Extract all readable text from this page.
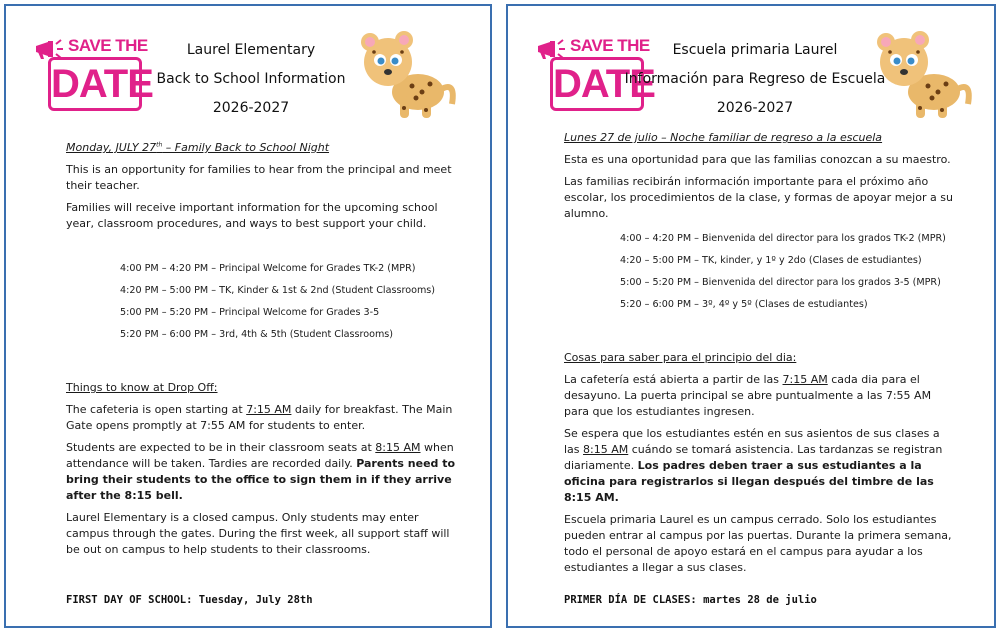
SAVE THE
DATE
Laurel Elementary
Back to School Information
2026-2027
Monday, JULY 27th – Family Back to School Night

This is an opportunity for families to hear from the principal and meet their teacher.

Families will receive important information for the upcoming school year, classroom procedures, and ways to best support your child.

4:00 PM – 4:20 PM – Principal Welcome for Grades TK-2 (MPR)
4:20 PM – 5:00 PM – TK, Kinder & 1st & 2nd (Student Classrooms)
5:00 PM – 5:20 PM – Principal Welcome for Grades 3-5
5:20 PM – 6:00 PM – 3rd, 4th & 5th (Student Classrooms)
Things to know at Drop Off:

The cafeteria is open starting at 7:15 AM daily for breakfast. The Main Gate opens promptly at 7:55 AM for students to enter.

Students are expected to be in their classroom seats at 8:15 AM when attendance will be taken. Tardies are recorded daily. Parents need to bring their students to the office to sign them in if they arrive after the 8:15 bell.

Laurel Elementary is a closed campus. Only students may enter campus through the gates. During the first week, all support staff will be out on campus to help students to their classrooms.

FIRST DAY OF SCHOOL: Tuesday, July 28th
SAVE THE
DATE
Escuela primaria Laurel
Información para Regreso de Escuela
2026-2027
Lunes 27 de julio – Noche familiar de regreso a la escuela

Esta es una oportunidad para que las familias conozcan a su maestro.

Las familias recibirán información importante para el próximo año escolar, los procedimientos de la clase, y formas de apoyar mejor a su alumno.

4:00 – 4:20 PM – Bienvenida del director para los grados TK-2 (MPR)
4:20 – 5:00 PM – TK, kinder, y 1º y 2do (Clases de estudiantes)
5:00 – 5:20 PM – Bienvenida del director para los grados 3-5 (MPR)
5:20 – 6:00 PM – 3º, 4º y 5º (Clases de estudiantes)
Cosas para saber para el principio del dia:

La cafetería está abierta a partir de las 7:15 AM cada dia para el desayuno. La puerta principal se abre puntualmente a las 7:55 AM para que los estudiantes ingresen.

Se espera que los estudiantes estén en sus asientos de sus clases a las 8:15 AM cuándo se tomará asistencia. Las tardanzas se registran diariamente. Los padres deben traer a sus estudiantes a la oficina para registrarlos si llegan después del timbre de las 8:15 AM.

Escuela primaria Laurel es un campus cerrado. Solo los estudiantes pueden entrar al campus por las puertas. Durante la primera semana, todo el personal de apoyo estará en el campus para ayudar a los estudiantes a llegar a sus clases.

PRIMER DÍA DE CLASES: martes 28 de julio
